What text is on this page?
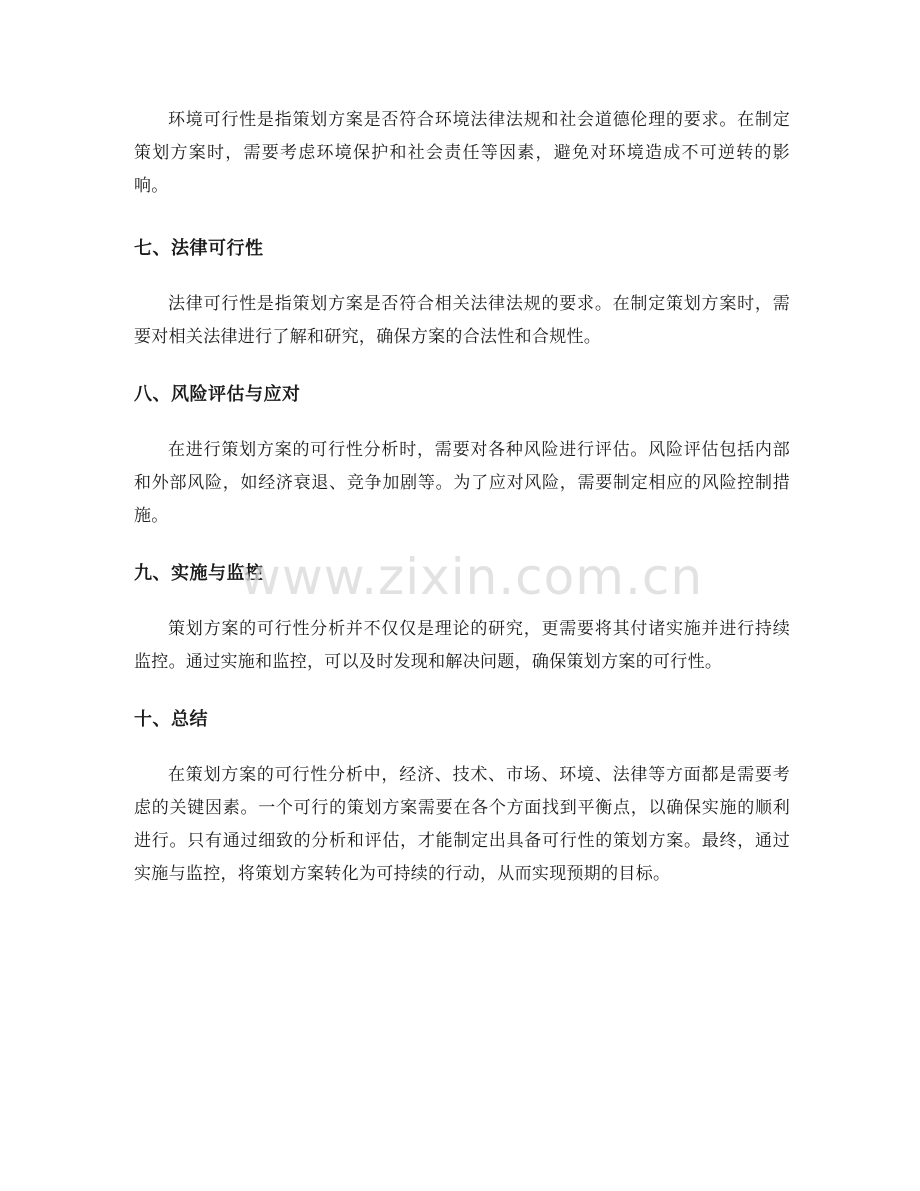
环境可行性是指策划方案是否符合环境法律法规和社会道德伦理的要求。在制定策划方案时，需要考虑环境保护和社会责任等因素，避免对环境造成不可逆转的影响。

七、法律可行性

法律可行性是指策划方案是否符合相关法律法规的要求。在制定策划方案时，需要对相关法律进行了解和研究，确保方案的合法性和合规性。

八、风险评估与应对

在进行策划方案的可行性分析时，需要对各种风险进行评估。风险评估包括内部和外部风险，如经济衰退、竞争加剧等。为了应对风险，需要制定相应的风险控制措施。

九、实施与监控

策划方案的可行性分析并不仅仅是理论的研究，更需要将其付诸实施并进行持续监控。通过实施和监控，可以及时发现和解决问题，确保策划方案的可行性。

十、总结

在策划方案的可行性分析中，经济、技术、市场、环境、法律等方面都是需要考虑的关键因素。一个可行的策划方案需要在各个方面找到平衡点，以确保实施的顺利进行。只有通过细致的分析和评估，才能制定出具备可行性的策划方案。最终，通过实施与监控，将策划方案转化为可持续的行动，从而实现预期的目标。

www.zixin.com.cn
